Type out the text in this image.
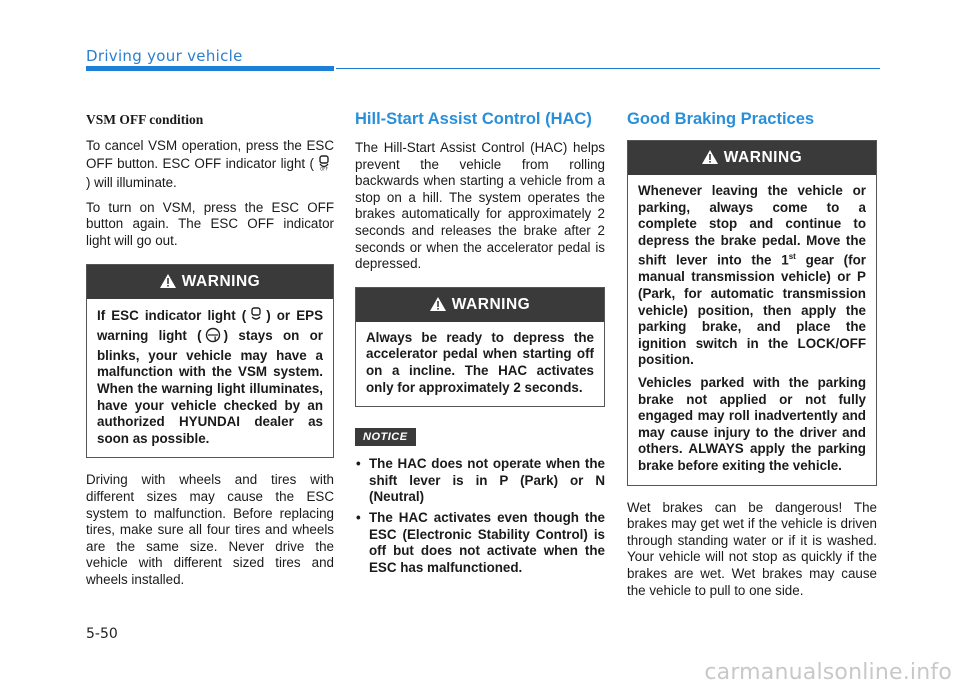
Driving your vehicle
VSM OFF condition

To cancel VSM operation, press the ESC OFF button. ESC OFF indicator light ( OFF
) will illuminate.

To turn on VSM, press the ESC OFF button again. The ESC OFF indicator light will go out.

WARNING

If ESC indicator light ( ) or EPS warning light ( ) stays on or blinks, your vehicle may have a malfunction with the VSM system. When the warning light illuminates, have your vehicle checked by an authorized HYUNDAI dealer as soon as possible.

Driving with wheels and tires with different sizes may cause the ESC system to malfunction. Before replacing tires, make sure all four tires and wheels are the same size. Never drive the vehicle with different sized tires and wheels installed.

Hill-Start Assist Control (HAC)

The Hill-Start Assist Control (HAC) helps prevent the vehicle from rolling backwards when starting a vehicle from a stop on a hill. The system operates the brakes automatically for approximately 2 seconds and releases the brake after 2 seconds or when the accelerator pedal is depressed.

WARNING

Always be ready to depress the accelerator pedal when starting off on a incline. The HAC activates only for approximately 2 seconds.

NOTICE
• The HAC does not operate when the shift lever is in P (Park) or N (Neutral)
• The HAC activates even though the ESC (Electronic Stability Control) is off but does not activate when the ESC has malfunctioned.
Good Braking Practices
WARNING

Whenever leaving the vehicle or parking, always come to a complete stop and continue to depress the brake pedal. Move the shift lever into the 1st gear (for manual transmission vehicle) or P (Park, for automatic transmission vehicle) position, then apply the parking brake, and place the ignition switch in the LOCK/OFF position.

Vehicles parked with the parking brake not applied or not fully engaged may roll inadvertently and may cause injury to the driver and others. ALWAYS apply the parking brake before exiting the vehicle.

Wet brakes can be dangerous! The brakes may get wet if the vehicle is driven through standing water or if it is washed. Your vehicle will not stop as quickly if the brakes are wet. Wet brakes may cause the vehicle to pull to one side.

5-50
carmanualsonline.info
